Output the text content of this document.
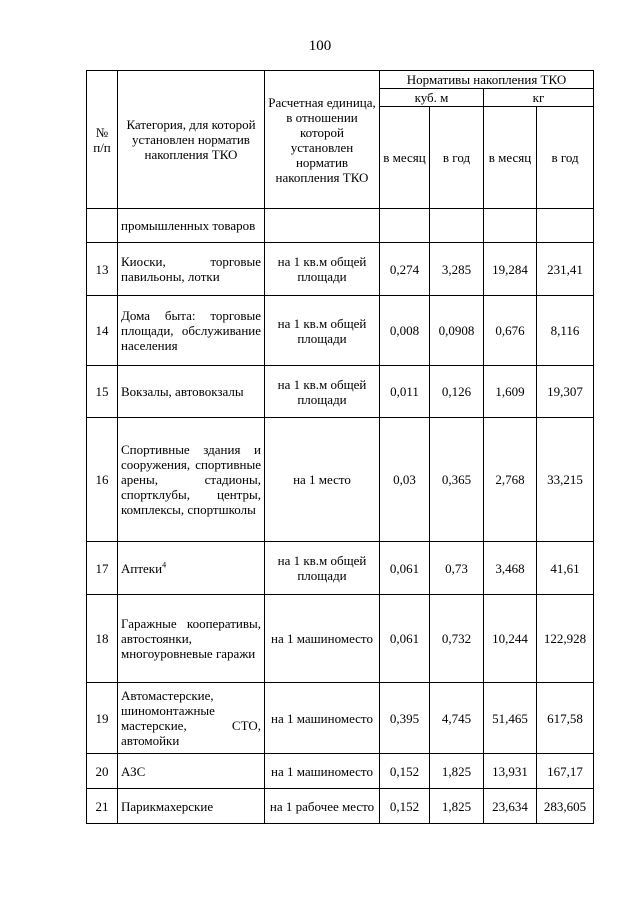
100
№ п/п	Категория, для которой установлен норматив накопления ТКО	Расчетная единица, в отношении которой установлен норматив накопления ТКО	Нормативы накопления ТКО			
			куб. м		кг	
			в месяц	в год	в месяц	в год
	промышленных товаров					
13	Киоски, торговые павильоны, лотки	на 1 кв.м общей площади	0,274	3,285	19,284	231,41
14	Дома быта: торговые площади, обслуживание населения	на 1 кв.м общей площади	0,008	0,0908	0,676	8,116
15	Вокзалы, автовокзалы	на 1 кв.м общей площади	0,011	0,126	1,609	19,307
16	Спортивные здания и сооружения, спортивные арены, стадионы, спортклубы, центры, комплексы, спортшколы	на 1 место	0,03	0,365	2,768	33,215
17	Аптеки$^4$	на 1 кв.м общей площади	0,061	0,73	3,468	41,61
18	Гаражные кооперативы, автостоянки, многоуровневые гаражи	на 1 машиноместо	0,061	0,732	10,244	122,928
19	Автомастерские, шиномонтажные мастерские, СТО, автомойки	на 1 машиноместо	0,395	4,745	51,465	617,58
20	АЗС	на 1 машиноместо	0,152	1,825	13,931	167,17
21	Парикмахерские	на 1 рабочее место	0,152	1,825	23,634	283,605
